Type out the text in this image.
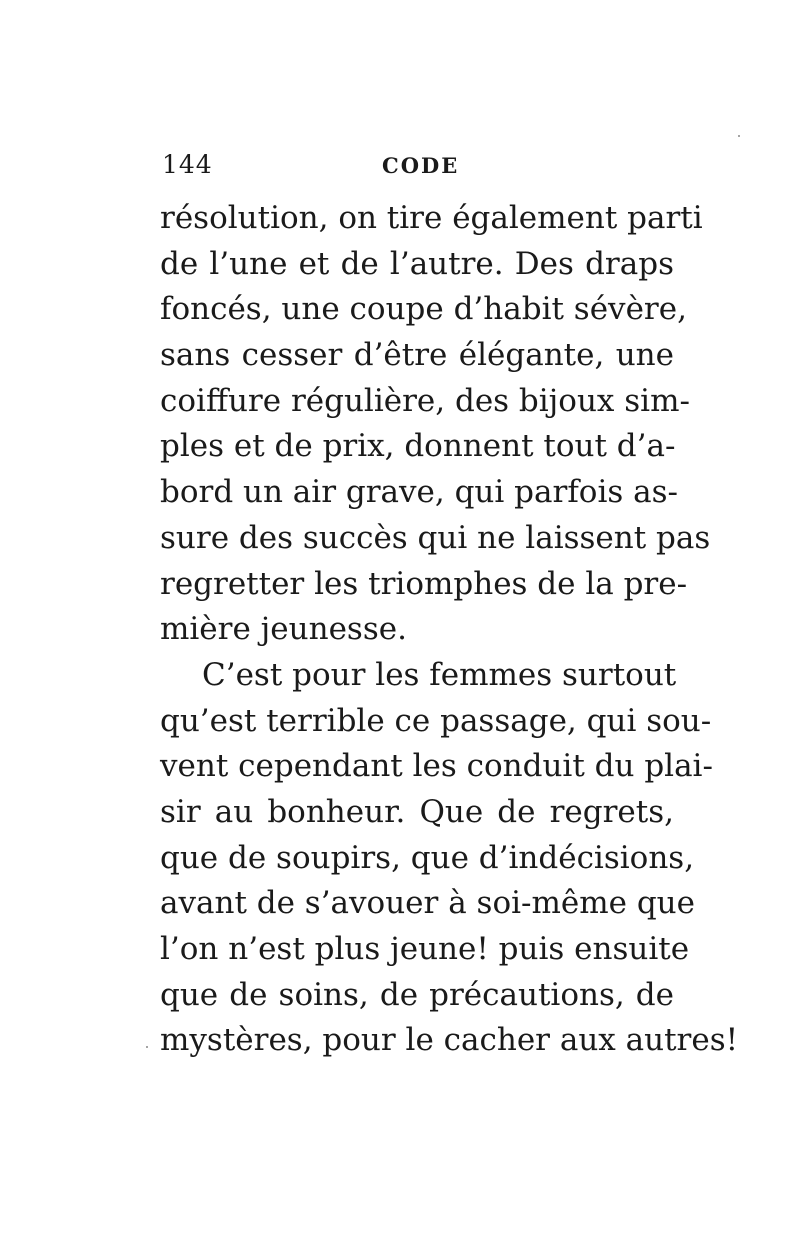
144	CODE
résolution, on tire également parti
de l’une et de l’autre. Des draps
foncés, une coupe d’habit sévère,
sans cesser d’être élégante, une
coiffure régulière, des bijoux sim-
ples et de prix, donnent tout d’a-
bord un air grave, qui parfois as-
sure des succès qui ne laissent pas
regretter les triomphes de la pre-
mière jeunesse.
C’est pour les femmes surtout
qu’est terrible ce passage, qui sou-
vent cependant les conduit du plai-
sir au bonheur. Que de regrets,
que de soupirs, que d’indécisions,
avant de s’avouer à soi-même que
l’on n’est plus jeune! puis ensuite
que de soins, de précautions, de
mystères, pour le cacher aux autres!
